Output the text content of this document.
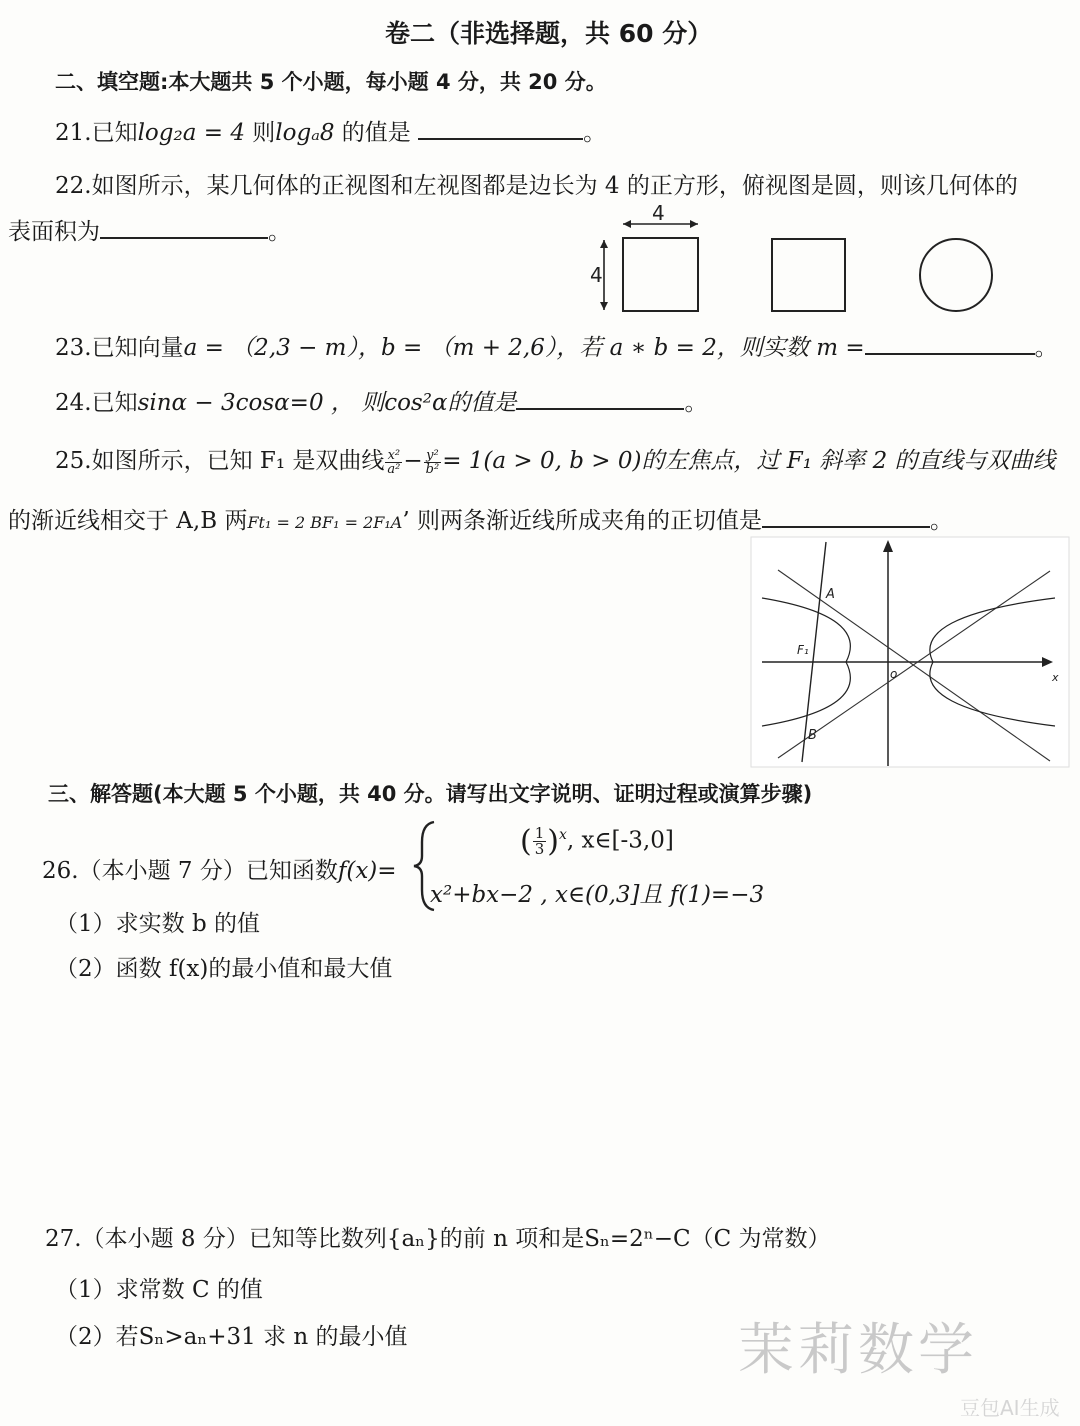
卷二（非选择题，共 60 分）
二、填空题:本大题共 5 个小题，每小题 4 分，共 20 分。
21.已知log₂a = 4 则logₐ8 的值是	。
22.如图所示，某几何体的正视图和左视图都是边长为 4 的正方形，俯视图是圆，则该几何体的
表面积为	。
4
4
23.已知向量a = （2,3 − m），b = （m + 2,6），若 a ∗ b = 2，则实数 m =	。
24.已知sinα − 3cosα=0 ， 则cos²α的值是	。
25.如图所示，已知 F₁ 是双曲线 $\frac{\text{x²}}{\text{a²}} - \frac{\text{y²}}{\text{b²}} = 1(a > 0$, b > 0)的左焦点，过 F₁ 斜率 2 的直线与双曲线
的渐近线相交于 A,B 两Ft₁ = 2 BF₁ = 2F₁A’ 则两条渐近线所成夹角的正切值是	。
A
B
F₁
o	x
三、解答题(本大题 5 个小题，共 40 分。请写出文字说明、证明过程或演算步骤)
26.（本小题 7 分）已知函数f(x)=
( $\frac{1}{3} )^x$, x∈[-3,0]
x²+bx−2 , x∈(0,3]且 f(1)=−3
（1）求实数 b 的值
（2）函数 f(x)的最小值和最大值
27.（本小题 8 分）已知等比数列{aₙ}的前 n 项和是Sₙ=2ⁿ−C（C 为常数）
（1）求常数 C 的值
（2）若Sₙ>aₙ+31 求 n 的最小值	茉莉数学
豆包AI生成
